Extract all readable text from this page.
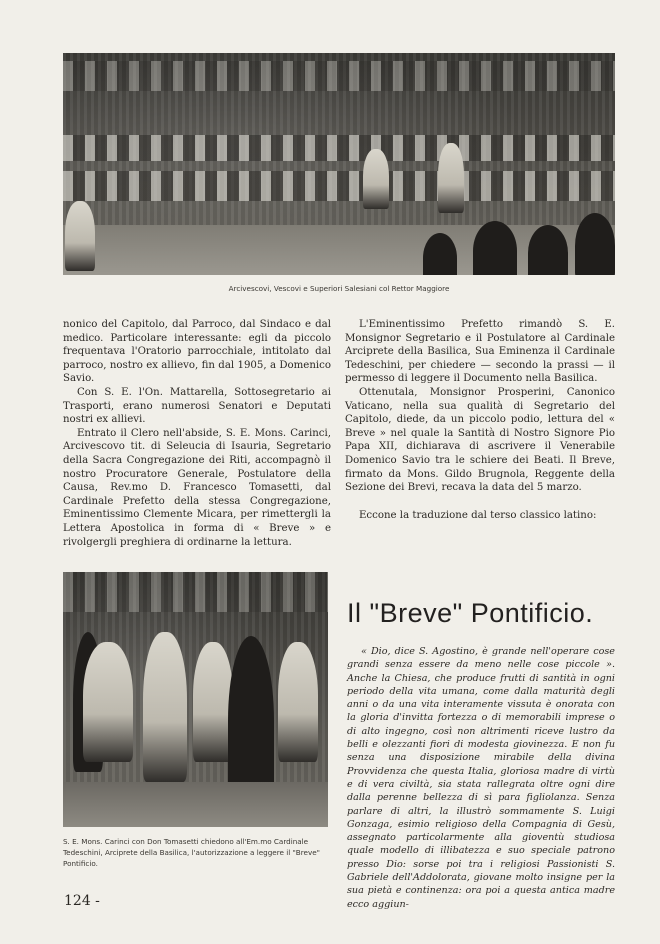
Arcivescovi, Vescovi e Superiori Salesiani col Rettor Maggiore

nonico del Capitolo, dal Parroco, dal Sindaco e dal medico. Particolare interessante: egli da piccolo frequentava l'Oratorio parrocchiale, intitolato dal parroco, nostro ex allievo, fin dal 1905, a Domenico Savio.

Con S. E. l'On. Mattarella, Sottosegretario ai Trasporti, erano numerosi Senatori e Deputati nostri ex allievi.

Entrato il Clero nell'abside, S. E. Mons. Carinci, Arcivescovo tit. di Seleucia di Isauria, Segretario della Sacra Congregazione dei Riti, accompagnò il nostro Procuratore Generale, Postulatore della Causa, Rev.mo D. Francesco Tomasetti, dal Cardinale Prefetto della stessa Congregazione, Eminentissimo Clemente Micara, per rimettergli la Lettera Apostolica in forma di « Breve » e rivolgergli preghiera di ordinarne la lettura.

L'Eminentissimo Prefetto rimandò S. E. Monsignor Segretario e il Postulatore al Cardinale Arciprete della Basilica, Sua Eminenza il Cardinale Tedeschini, per chiedere — secondo la prassi — il permesso di leggere il Documento nella Basilica.

Ottenutala, Monsignor Prosperini, Canonico Vaticano, nella sua qualità di Segretario del Capitolo, diede, da un piccolo podio, lettura del « Breve » nel quale la Santità di Nostro Signore Pio Papa XII, dichiarava di ascrivere il Venerabile Domenico Savio tra le schiere dei Beati. Il Breve, firmato da Mons. Gildo Brugnola, Reggente della Sezione dei Brevi, recava la data del 5 marzo.

Eccone la traduzione dal terso classico latino:

S. E. Mons. Carinci con Don Tomasetti chiedono all'Em.mo Cardinale Tedeschini, Arciprete della Basilica, l'autorizzazione a leggere il "Breve" Pontificio.
Il "Breve" Pontificio.

« Dio, dice S. Agostino, è grande nell'operare cose grandi senza essere da meno nelle cose piccole ». Anche la Chiesa, che produce frutti di santità in ogni periodo della vita umana, come dalla maturità degli anni o da una vita interamente vissuta è onorata con la gloria d'invitta fortezza o di memorabili imprese o di alto ingegno, così non altrimenti riceve lustro da belli e olezzanti fiori di modesta giovinezza. E non fu senza una disposizione mirabile della divina Provvidenza che questa Italia, gloriosa madre di virtù e di vera civiltà, sia stata rallegrata oltre ogni dire dalla perenne bellezza di sì para figliolanza. Senza parlare di altri, la illustrò sommamente S. Luigi Gonzaga, esimio religioso della Compagnia di Gesù, assegnato particolarmente alla gioventù studiosa quale modello di illibatezza e suo speciale patrono presso Dio: sorse poi tra i religiosi Passionisti S. Gabriele dell'Addolorata, giovane molto insigne per la sua pietà e continenza: ora poi a questa antica madre ecco aggiun-

124 -
